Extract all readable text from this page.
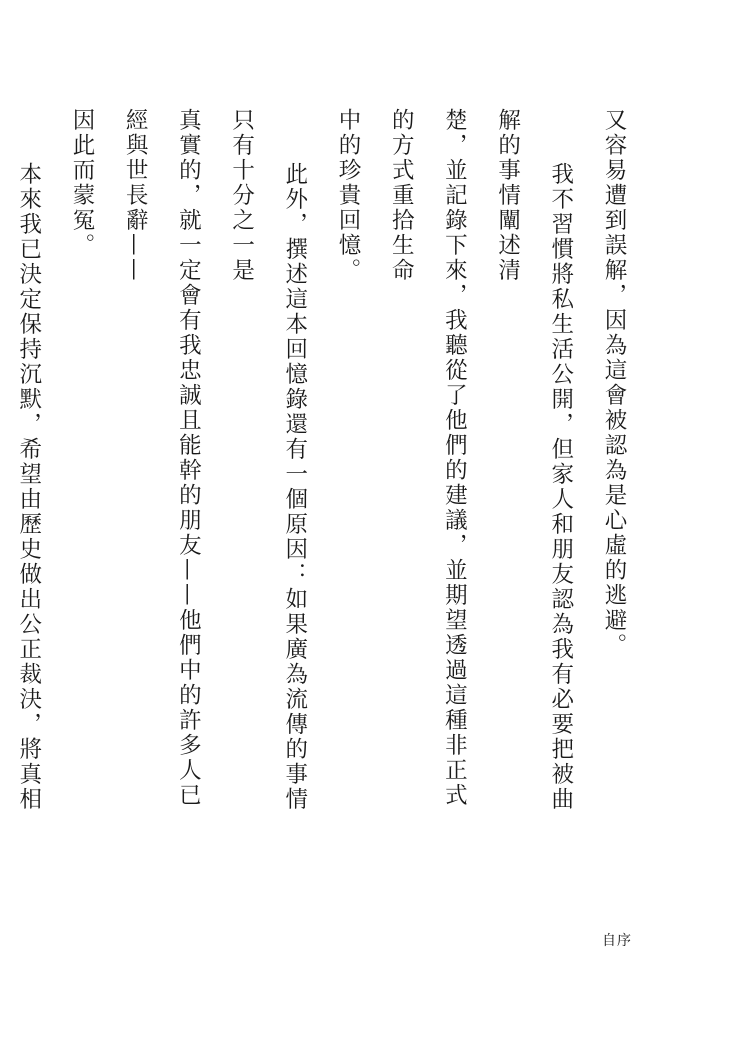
又容易遭到誤解，因為這會被認為是心虛的逃避。

我不習慣將私生活公開，但家人和朋友認為我有必要把被曲解的事情闡述清

楚，並記錄下來，我聽從了他們的建議，並期望透過這種非正式的方式重拾生命

中的珍貴回憶。

此外，撰述這本回憶錄還有一個原因：如果廣為流傳的事情只有十分之一是

真實的，就一定會有我忠誠且能幹的朋友——他們中的許多人已經與世長辭——

因此而蒙冤。

本來我已決定保持沉默，希望由歷史做出公正裁決，將真相

自序
